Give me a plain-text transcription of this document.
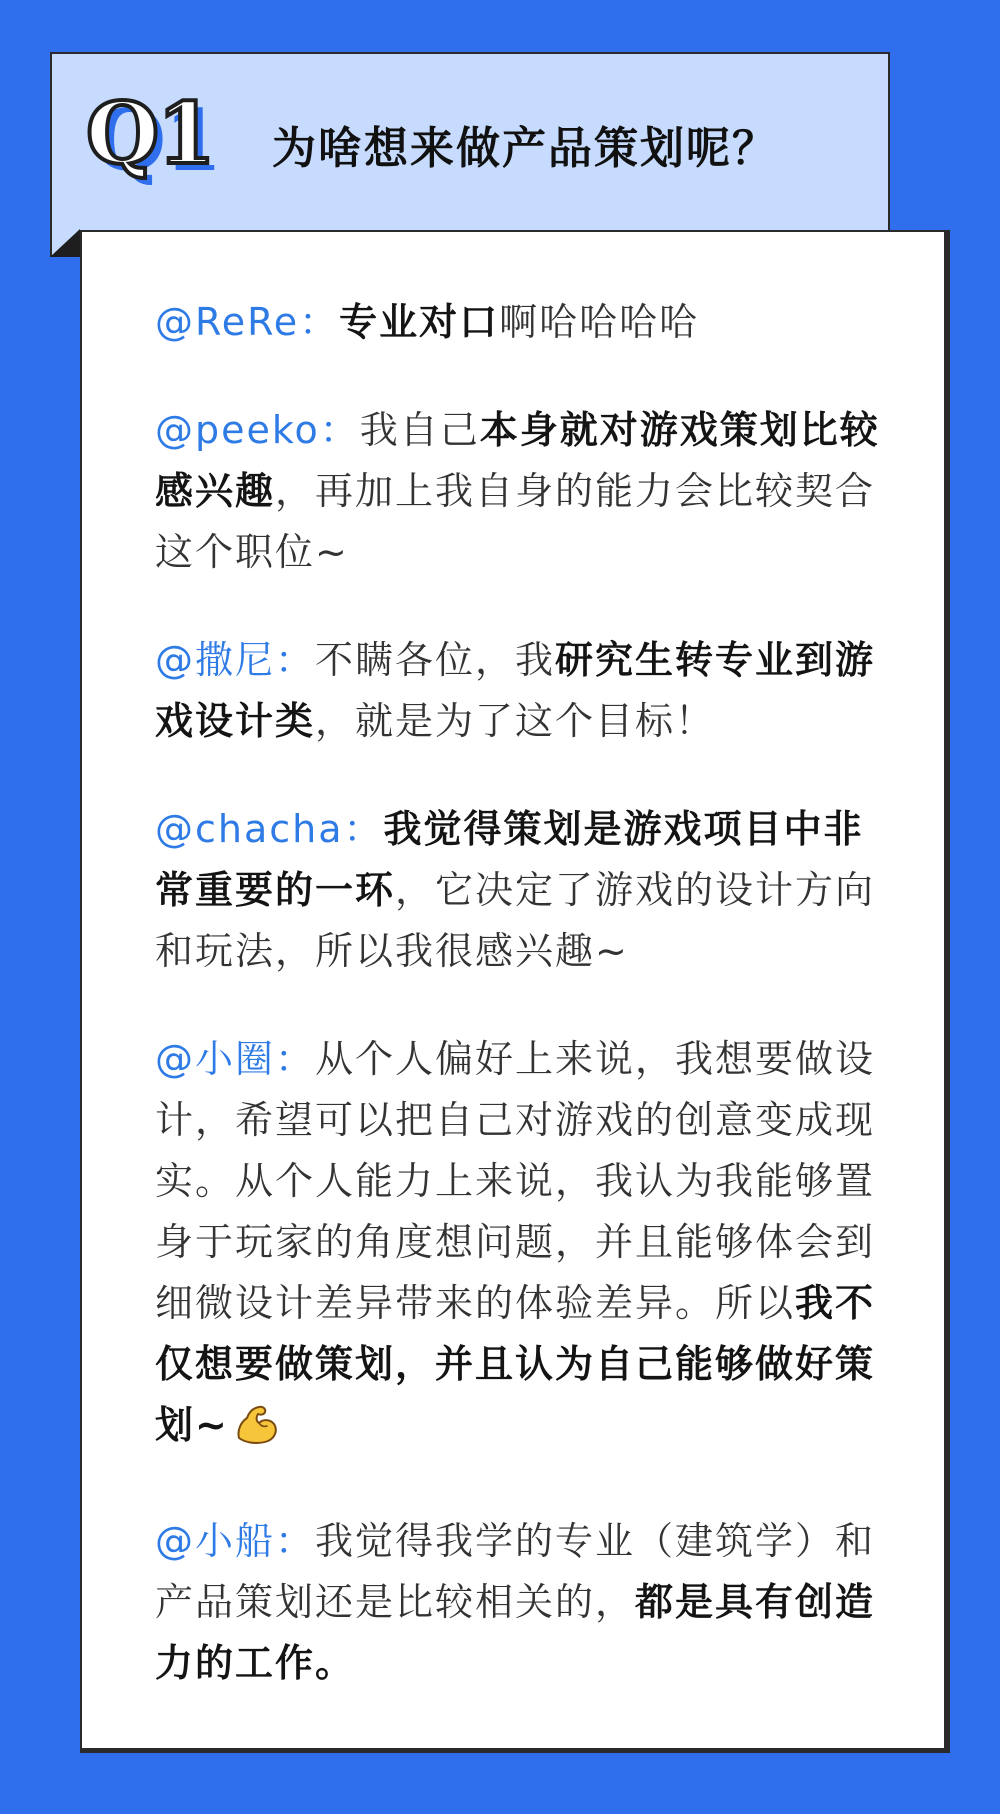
Q1 为啥想来做产品策划呢？
@ReRe：专业对口啊哈哈哈哈
@peeko：我自己本身就对游戏策划比较感兴趣，再加上我自身的能力会比较契合这个职位~
@撒尼：不瞒各位，我研究生转专业到游戏设计类，就是为了这个目标！
@chacha：我觉得策划是游戏项目中非常重要的一环，它决定了游戏的设计方向和玩法，所以我很感兴趣~
@小圈：从个人偏好上来说，我想要做设计，希望可以把自己对游戏的创意变成现实。从个人能力上来说，我认为我能够置身于玩家的角度想问题，并且能够体会到细微设计差异带来的体验差异。所以我不仅想要做策划，并且认为自己能够做好策划~
@小船：我觉得我学的专业（建筑学）和产品策划还是比较相关的，都是具有创造力的工作。
